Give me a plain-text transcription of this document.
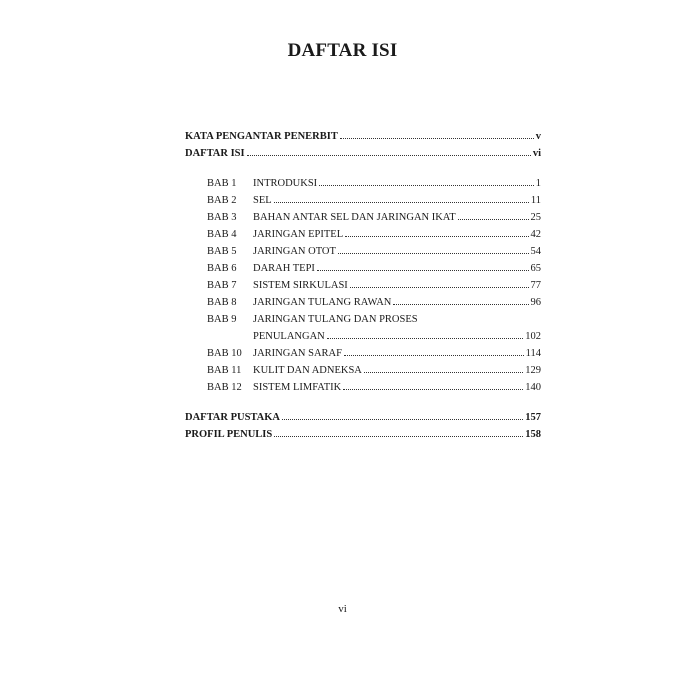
DAFTAR ISI
KATA PENGANTAR PENERBIT	v
DAFTAR ISI	vi
BAB 1	INTRODUKSI	1
BAB 2	SEL	11
BAB 3	BAHAN ANTAR SEL DAN JARINGAN IKAT	25
BAB 4	JARINGAN EPITEL	42
BAB 5	JARINGAN OTOT	54
BAB 6	DARAH TEPI	65
BAB 7	SISTEM SIRKULASI	77
BAB 8	JARINGAN TULANG RAWAN	96
BAB 9	JARINGAN TULANG DAN PROSES
PENULANGAN	102
BAB 10	JARINGAN SARAF	114
BAB 11	KULIT DAN ADNEKSA	129
BAB 12	SISTEM LIMFATIK	140
DAFTAR PUSTAKA	157
PROFIL PENULIS	158
vi
